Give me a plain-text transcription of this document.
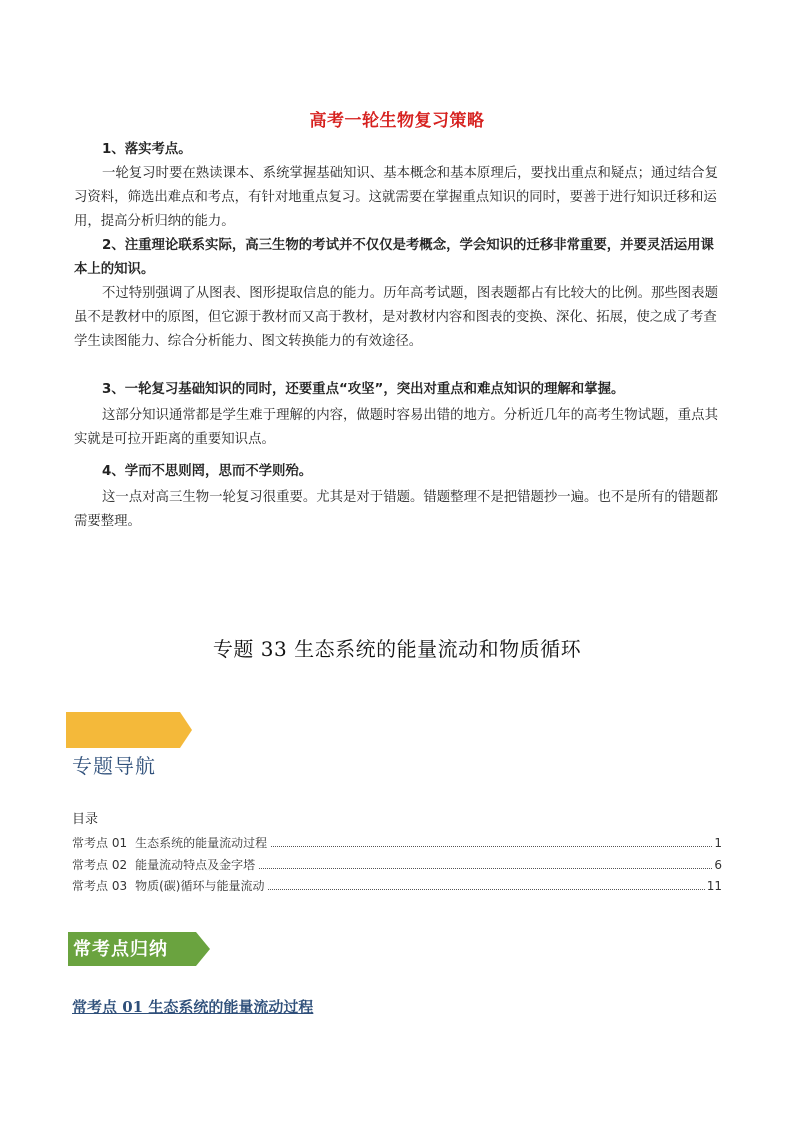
高考一轮生物复习策略

1、落实考点。

一轮复习时要在熟读课本、系统掌握基础知识、基本概念和基本原理后，要找出重点和疑点；通过结合复习资料，筛选出难点和考点，有针对地重点复习。这就需要在掌握重点知识的同时，要善于进行知识迁移和运用，提高分析归纳的能力。

2、注重理论联系实际，高三生物的考试并不仅仅是考概念，学会知识的迁移非常重要，并要灵活运用课本上的知识。

不过特别强调了从图表、图形提取信息的能力。历年高考试题，图表题都占有比较大的比例。那些图表题虽不是教材中的原图，但它源于教材而又高于教材，是对教材内容和图表的变换、深化、拓展，使之成了考查学生读图能力、综合分析能力、图文转换能力的有效途径。

3、一轮复习基础知识的同时，还要重点“攻坚”，突出对重点和难点知识的理解和掌握。

这部分知识通常都是学生难于理解的内容，做题时容易出错的地方。分析近几年的高考生物试题，重点其实就是可拉开距离的重要知识点。

4、学而不思则罔，思而不学则殆。

这一点对高三生物一轮复习很重要。尤其是对于错题。错题整理不是把错题抄一遍。也不是所有的错题都需要整理。

专题 33 生态系统的能量流动和物质循环
专题导航
目录
常考点 01 生态系统的能量流动过程	1
常考点 02 能量流动特点及金字塔	6
常考点 03 物质(碳)循环与能量流动	11
常考点归纳
常考点 01 生态系统的能量流动过程
